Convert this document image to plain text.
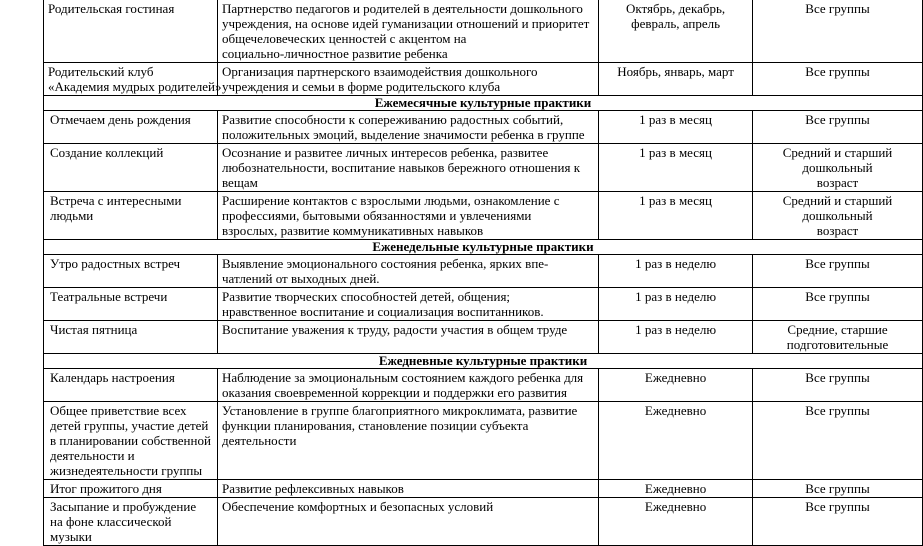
Родительская гостиная	Партнерство педагогов и родителей в деятельности дошкольного
учреждения, на основе идей гуманизации отношений и приоритет
общечеловеческих ценностей с акцентом на
социально-личностное развитие ребенка	Октябрь, декабрь,
февраль, апрель	Все группы

Родительский клуб
«Академия мудрых родителей»	Организация партнерского взаимодействия дошкольного
учреждения и семьи в форме родительского клуба	Ноябрь, январь, март	Все группы

Ежемесячные культурные практики			

Отмечаем день рождения	Развитие способности к сопереживанию радостных событий,
положительных эмоций, выделение значимости ребенка в группе	1 раз в месяц	Все группы

Создание коллекций	Осознание и развитее личных интересов ребенка, развитее
любознательности, воспитание навыков бережного отношения к
вещам	1 раз в месяц	Средний и старший
дошкольный
возраст

Встреча с интересными
людьми	Расширение контактов с взрослыми людьми, ознакомление с
профессиями, бытовыми обязанностями и увлечениями
взрослых, развитие коммуникативных навыков	1 раз в месяц	Средний и старший
дошкольный
возраст

Еженедельные культурные практики			

Утро радостных встреч	Выявление эмоционального состояния ребенка, ярких впе-
чатлений от выходных дней.	1 раз в неделю	Все группы

Театральные встречи	Развитие творческих способностей детей, общения;
нравственное воспитание и социализация воспитанников.	1 раз в неделю	Все группы

Чистая пятница	Воспитание уважения к труду, радости участия в общем труде	1 раз в неделю	Средние, старшие
подготовительные

Ежедневные культурные практики			

Календарь настроения	Наблюдение за эмоциональным состоянием каждого ребенка для
оказания своевременной коррекции и поддержки его развития	Ежедневно	Все группы

Общее приветствие всех
детей группы, участие детей
в планировании собственной
деятельности и
жизнедеятельности группы	Установление в группе благоприятного микроклимата, развитие
функции планирования, становление позиции субъекта
деятельности	Ежедневно	Все группы

Итог прожитого дня	Развитие рефлексивных навыков	Ежедневно	Все группы

Засыпание и пробуждение
на фоне классической
музыки	Обеспечение комфортных и безопасных условий	Ежедневно	Все группы
